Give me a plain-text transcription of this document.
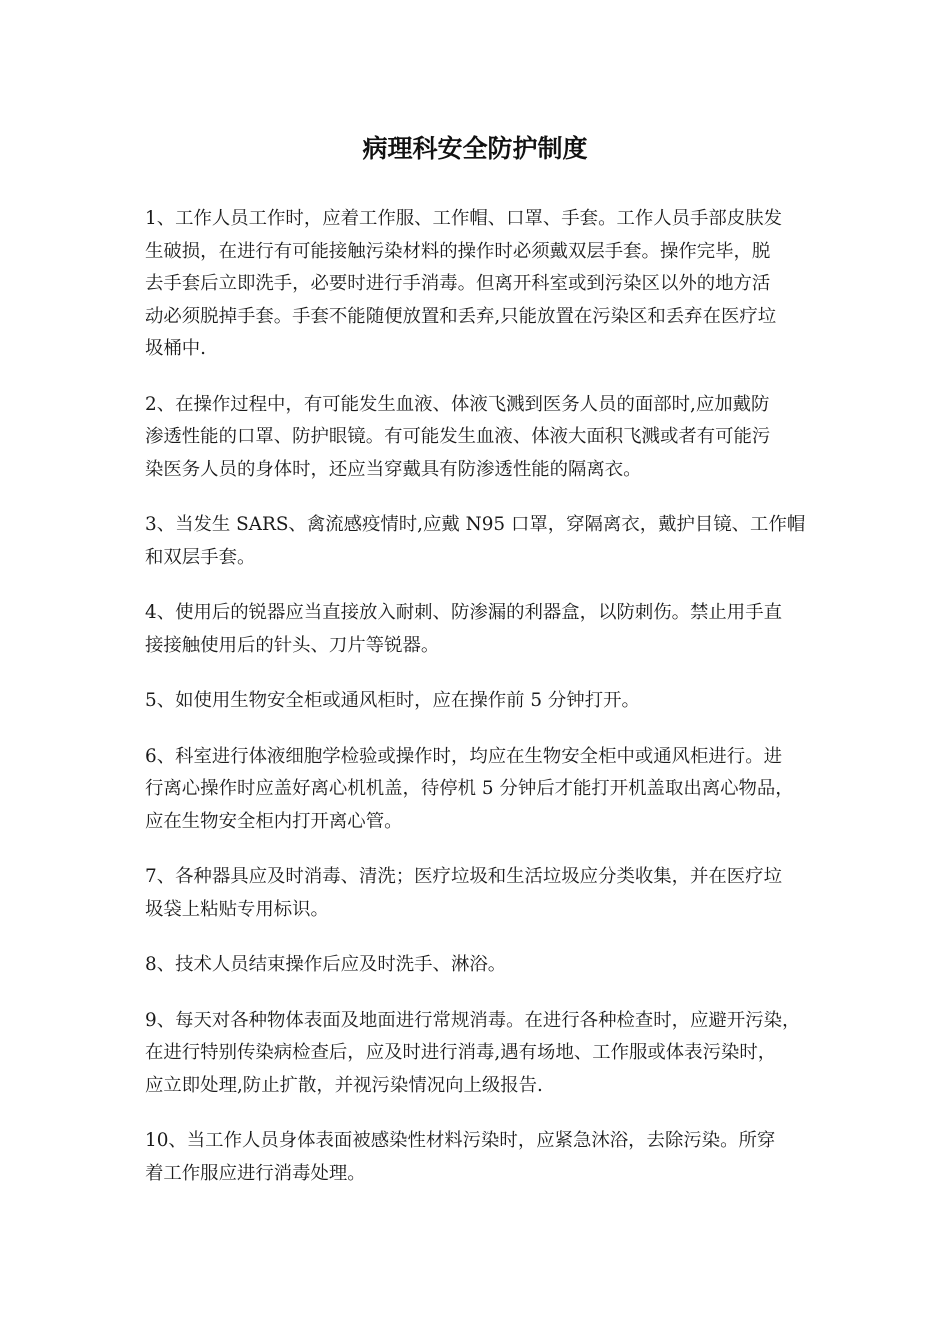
病理科安全防护制度

1、工作人员工作时，应着工作服、工作帽、口罩、手套。工作人员手部皮肤发
生破损，在进行有可能接触污染材料的操作时必须戴双层手套。操作完毕，脱
去手套后立即洗手，必要时进行手消毒。但离开科室或到污染区以外的地方活
动必须脱掉手套。手套不能随便放置和丢弃,只能放置在污染区和丢弃在医疗垃
圾桶中.

2、在操作过程中，有可能发生血液、体液飞溅到医务人员的面部时,应加戴防
渗透性能的口罩、防护眼镜。有可能发生血液、体液大面积飞溅或者有可能污
染医务人员的身体时，还应当穿戴具有防渗透性能的隔离衣。

3、当发生 SARS、禽流感疫情时,应戴 N95 口罩，穿隔离衣，戴护目镜、工作帽
和双层手套。

4、使用后的锐器应当直接放入耐刺、防渗漏的利器盒，以防刺伤。禁止用手直
接接触使用后的针头、刀片等锐器。

5、如使用生物安全柜或通风柜时，应在操作前 5 分钟打开。

6、科室进行体液细胞学检验或操作时，均应在生物安全柜中或通风柜进行。进
行离心操作时应盖好离心机机盖，待停机 5 分钟后才能打开机盖取出离心物品，
应在生物安全柜内打开离心管。

7、各种器具应及时消毒、清洗；医疗垃圾和生活垃圾应分类收集，并在医疗垃
圾袋上粘贴专用标识。

8、技术人员结束操作后应及时洗手、淋浴。

9、每天对各种物体表面及地面进行常规消毒。在进行各种检查时，应避开污染，
在进行特别传染病检查后，应及时进行消毒,遇有场地、工作服或体表污染时，
应立即处理,防止扩散，并视污染情况向上级报告.

10、当工作人员身体表面被感染性材料污染时，应紧急沐浴，去除污染。所穿
着工作服应进行消毒处理。
